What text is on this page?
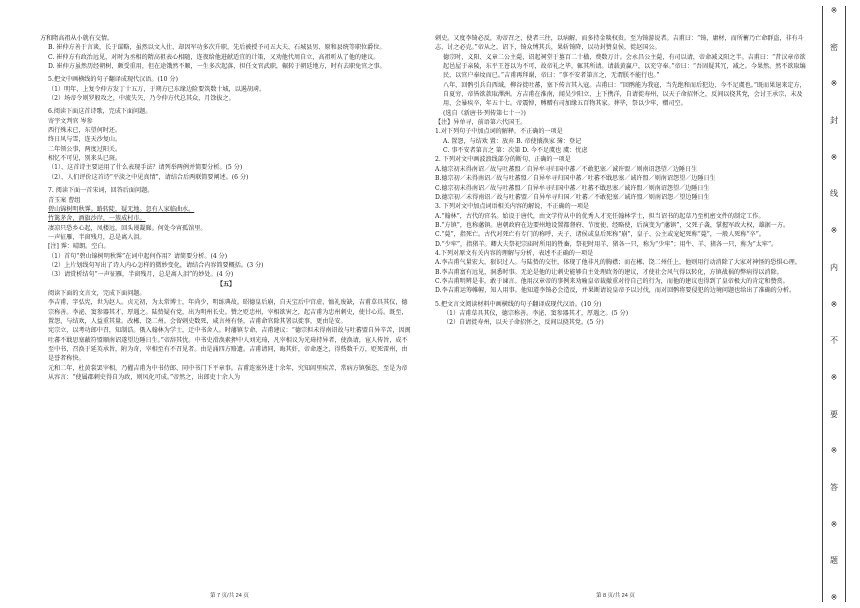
方和隋高祖从小就有交情。

B. 崔仲方善于言谈，长于谋略，虽然以文入仕，却因军功多次升职，先后被授予司五大夫、石城县男、原和县统等职位爵位。

C. 崔仲方有政治远见，对时为丞相的隋高祖表心相随，连夜给他进献适宜的计策，又劝他代周自立，高祖听从了他的建议。

D. 崔仲方虽然历经朝树，颇受重用，但在途饿然不顺，一生多次起落，担任文官武职，辗转于朝廷地方，时有去职免官之事。

5.把文中画横线的句子翻译成现代汉语。(10 分)

（1）明年，上复令仲方发丁十五万，于朔方已东缘边险要筑数十城，以遏胡虏。

（2）场帝令则罗般攻之，中流失矢，乃令仲方代总其众，月馀拔之。

6.阅读下面这首诗歌，完成下面问题。

寄宇文判官 岑参

西行殊未已，东望何时还。

终日风与雪，连天沙复山。

二年领公事，两度过阳关。

相忆不可见，别来头已斑。

（1）、这首诗主要运用了什么表现手法？请列举两例并简要分析。(5 分)

（2）、人们评价这首诗“平淡之中见真情”，请结合后两联简要阐述。(6 分)

7. 阅读下面一首宋词，回答后面问题。

青玉案 曹组

碧山锦树明秋霁。路转陡，疑无地。忽有人家临曲水。

竹篱茅舍，酒旗沙岸，一簇成村市。

凄凉只恐乡心起，凤楼远，回头谩凝睇。何处今宵孤馆里。

一声征雁，半窗残月，总是离人泪。

[注] 霁：晴朗。空白。

（1）首句“碧山锦树明秋霁”在词中起何作用？请简要分析。(4 分)

（2）上片划线句写出了诗人内心怎样的微妙变化，请结合内容简要概括。(3 分)

（3）请赏析结句“一声征雁，半窗残月，总是离人泪”的妙处。(4 分)

【五】

阅读下面的文言文，完成下面问题。

李吉甫，字弘宪，世为赵人。贞元初，为太常博士，年尚少，明练典故。昭德皇后崩，自天宝后中宫虚，恤礼废缺，吉甫草具其仪，德宗称善。李泌、窦参器其才，厚遇之。陆贽疑有党，出为明州长史。赞之贬忠州，宰相欲害之，起吉甫为忠州刺史，使甘心焉。既至，置怨，与结欢，人益重其量。改郴、饶二州。会留刺史数死，咸言州有怪，吉甫命官除其署以徙事，更由是安。

宪宗立，以考功郎中召，知制诰。俄入翰林为学士，迁中书舍人。时藩镇专命，吉甫建议：“德宗担未得南诏故与吐蕃盟自异辛苦，因闽吐蕃不戢思塞蔽符盟顺南诏遂望边陲日生。”帝辞其忧。中书史滑涣素狎中人刘光琦，凡宰相议为光琦持异者，使涣请，宦人传旨，成不至中书，召涣于延英承旨，附为奇，宰相至有不召见者。由是涌四方赂遗。吉甫请同，晦其奸，帝命逐之，得赀数千万，贬死雷州，由是誉者称快。

元和二年，杜黄裳罢宰相，乃擢吉甫为中书侍郎、同中书门下平章事。吉甫连塞外进十余年，究知闾里疾苦，常病方镇强恣，至是为帝从容言：“使属郡刺史得自为政，则风化可成。”帝然之，出郎吏十余人为

刺史。又度李锜必反，劝帝召之，使者三往，以病解，而多持金啖权贵。至为锜游说者。吉甫曰：“锜，庸材，而所蓄乃亡命群盗，非有斗志，讨之必克。”帝从之，诏下，锜众缚其兵，果斩锜降，以功封赞皇侯，徙赵国公。

德宗时，义阳、义章二公主薨，诏起祠堂于墓百二十楹，费数万计。会永昌公主薨，有司以请，帝命减义阳之半。吉甫曰：“昔汉章帝欲起邑屋于亲陵，东平王苍以为不可，故帝礼之毕，辄其所请。请载黄赢户，以充守奉。”帝曰：“吾固疑其冗，减之。今果然。然不欲取编民，以官户奉坟而已。”吉甫再拜谢，帝曰：“事不安者第言之，无谓朕不能行也。”

八年，回鹘引兵自西域，柳谷徙吐蕃，塞下传言其入寇。吉甫曰：“回鹘能为我寇，当先绝和而后犯边，今不足虞也。”既而果退来定方，自夏穷，帝皆欲款取澤洲。方吉甫在淮南，闻吴少阳立，上下携洋，自请徙寿州，以天子命招怀之，反间以挠其党，会讨王承宗，未及用，会暴疾卒，年五十七。帝震悼，赙赠有司加缘五百物其家。葬毕，祭以少牢，赠司空。

(选自《新唐书·列传第七十一》)

【注】异单寻，前语第六代国王。

1.对下列句子中加点词的解释，不正确的一项是

A. 置怨，与结欢 置：放弃 B. 帝使攘涣家 簿：登记

C. 事不安者第言之 第：次第 D. 今不足虞也 虞：忧虑

2. 下列对文中画波浪线部分的断句，正确的一项是

A.德宗初未得南诏／故与吐蕃盟／自异牟寻归国中蕃／不敢犯塞／诚许盟／则南诏怨望／边陲日生

B.德宗初／未得南诏／故与吐蕃盟／自异牟寻归国中蕃／吐蕃不戢思塞／诚许盟／则南诏怨望／边陲日生

C.德宗初未得南诏／故与吐蕃盟／自异牟寻归国中蕃／吐蕃不戢思塞／诚许盟／则南诏怨望／边陲日生

D.德宗初／未得南诏／故与吐蕃盟／自异牟寻归国／吐蕃／不敢犯塞／诚许盟／则南诏怨／望边陲日生

3. 下列对文中加点词语相关内容的解说，不正确的一项是

A.“翰林”，古代的官名。始设于唐代，由文学侍从中的优秀人才充任翰林学士，担当诏书的起草乃至机密文件的制定工作。

B.“方镇”，也称藩镇。唐朝政府在边要州地设置都督府、节度使、经略使，后演变为“藩镇”，父死子袭，掌握军政大权，雄据一方。

C.“薨”，指死亡。古代对死亡有专门的称呼，天子、诸侯或皇后死称“崩”，皇子、公主或宠妃死称“薨”，一般人死称“卒”。

D.“少牢”，指猪羊。卿大夫祭祀宗庙时所用的牲畜，祭祀时用羊、猪各一只，称为“少牢”；用牛、羊、猪各一只，称为“太牢”。

4.下列对原文有关内容的理解与分析，表述不正确的一项是

A.李吉甫气量宏大，狠识过人。与陆贽的交往，体现了他非凡的胸襟；而在郴、饶二州任上，他则用行动消除了大家对神怪的恐惧心理。

B.李吉甫富有远见，洞悉时事。无论是他的让刺史能够自主处理政务的建议，才使社会风气得以转化，方镇战祸的弊病得以消除。

C.李吉甫明辨是非，敢于谏言。他用汉章帝的事例来劝喻皇帝裁撤重对待自己的行为，而他的建议也得到了皇帝极大的肯定和赞赏。

D.李吉甫运筹帷幄，知人用事。他知道李锜必会造反，并果断请说皇帝予以讨伐，而对回鹘将要侵犯的边境问题也给出了准确的分析。

5.把文言文阅读材料中画横线的句子翻译成现代汉语。(10 分)

（1）吉甫草具其仪，德宗称善。李泌、窦参器其才，厚遇之。(5 分)

（2）自请徙寿州，以天子命招怀之，反间以挠其党。(5 分)

第 7 页/共 24 页	第 8 页/共 24 页
※
密
※
封
※
线
※
内
※
不
※
要
※
答
※
题
※
